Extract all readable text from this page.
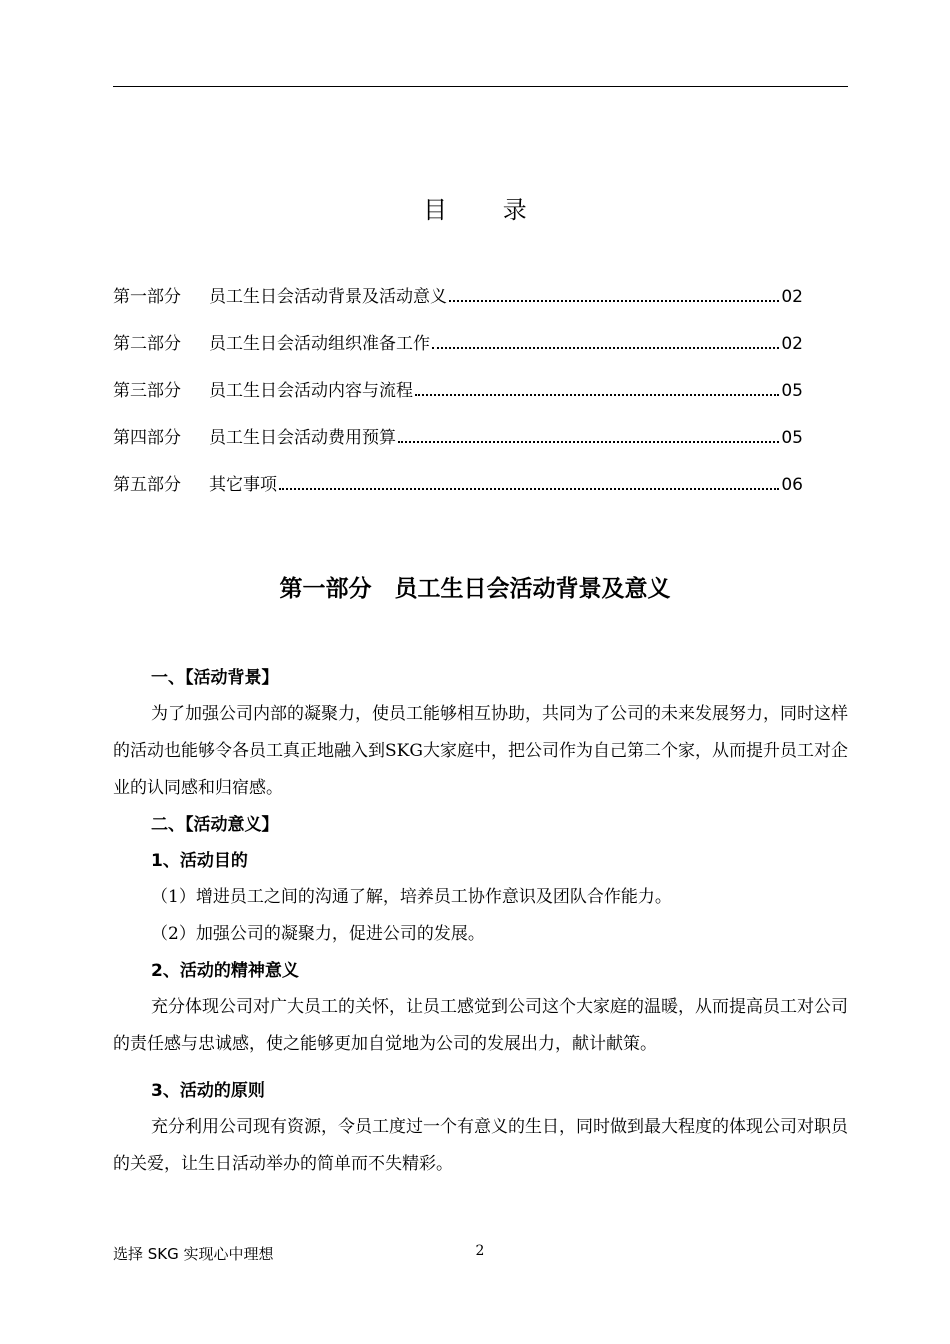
目 录
第一部分	员工生日会活动背景及活动意义	02
第二部分	员工生日会活动组织准备工作	02
第三部分	员工生日会活动内容与流程	05
第四部分	员工生日会活动费用预算	05
第五部分	其它事项	06
第一部分　员工生日会活动背景及意义
一、【活动背景】
为了加强公司内部的凝聚力，使员工能够相互协助，共同为了公司的未来发展努力，同时这样的活动也能够令各员工真正地融入到SKG大家庭中，把公司作为自己第二个家，从而提升员工对企业的认同感和归宿感。
二、【活动意义】
1、活动目的
（1）增进员工之间的沟通了解，培养员工协作意识及团队合作能力。
（2）加强公司的凝聚力，促进公司的发展。
2、活动的精神意义
充分体现公司对广大员工的关怀，让员工感觉到公司这个大家庭的温暖，从而提高员工对公司的责任感与忠诚感，使之能够更加自觉地为公司的发展出力，献计献策。
3、活动的原则
充分利用公司现有资源，令员工度过一个有意义的生日，同时做到最大程度的体现公司对职员的关爱，让生日活动举办的简单而不失精彩。
选择 SKG 实现心中理想	2
